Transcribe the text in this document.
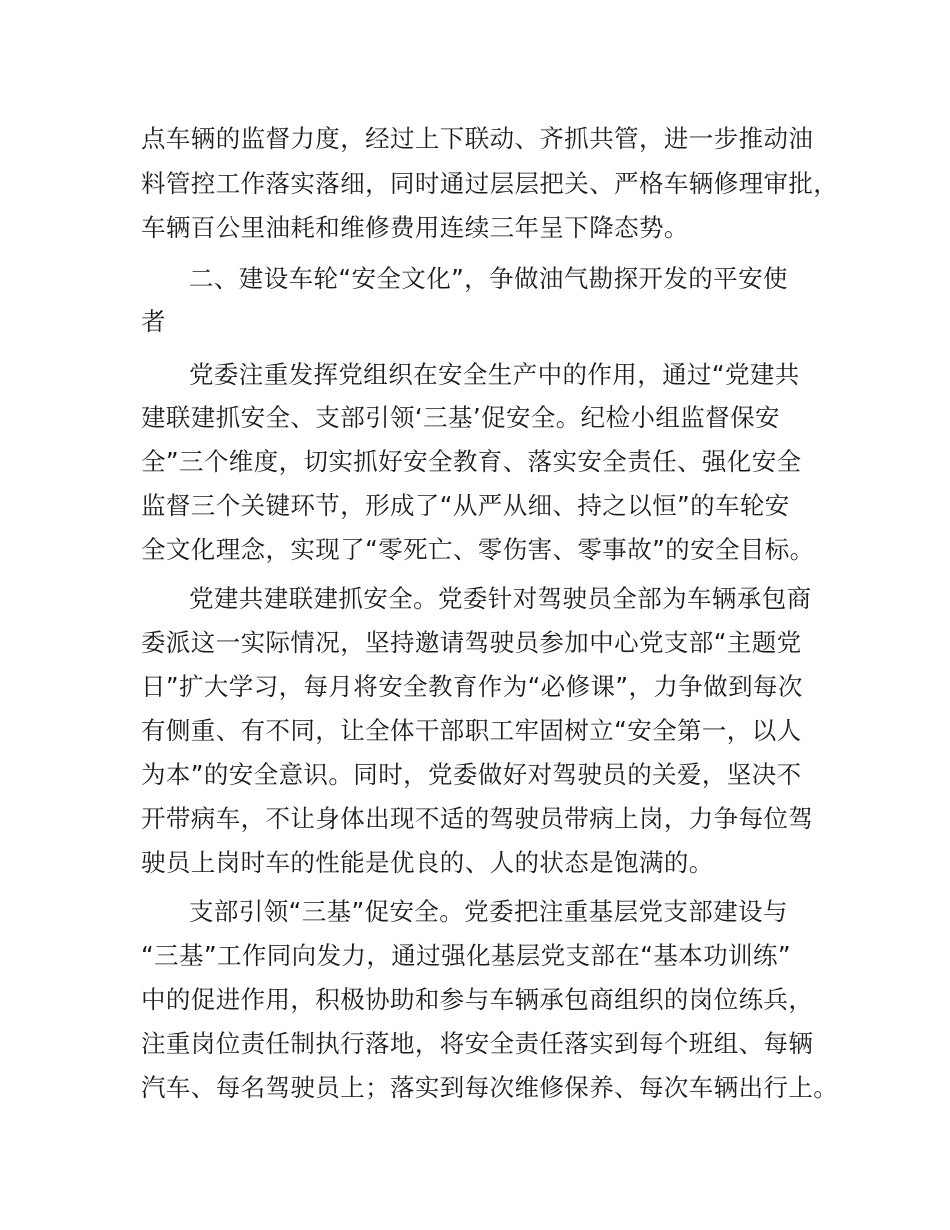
点车辆的监督力度，经过上下联动、齐抓共管，进一步推动油
料管控工作落实落细，同时通过层层把关、严格车辆修理审批，
车辆百公里油耗和维修费用连续三年呈下降态势。
二、建设车轮“安全文化”，争做油气勘探开发的平安使
者
党委注重发挥党组织在安全生产中的作用，通过“党建共
建联建抓安全、支部引领‘三基’促安全。纪检小组监督保安
全”三个维度，切实抓好安全教育、落实安全责任、强化安全
监督三个关键环节，形成了“从严从细、持之以恒”的车轮安
全文化理念，实现了“零死亡、零伤害、零事故”的安全目标。
党建共建联建抓安全。党委针对驾驶员全部为车辆承包商
委派这一实际情况，坚持邀请驾驶员参加中心党支部“主题党
日”扩大学习，每月将安全教育作为“必修课”，力争做到每次
有侧重、有不同，让全体干部职工牢固树立“安全第一，以人
为本”的安全意识。同时，党委做好对驾驶员的关爱，坚决不
开带病车，不让身体出现不适的驾驶员带病上岗，力争每位驾
驶员上岗时车的性能是优良的、人的状态是饱满的。
支部引领“三基”促安全。党委把注重基层党支部建设与
“三基”工作同向发力，通过强化基层党支部在“基本功训练”
中的促进作用，积极协助和参与车辆承包商组织的岗位练兵，
注重岗位责任制执行落地，将安全责任落实到每个班组、每辆
汽车、每名驾驶员上；落实到每次维修保养、每次车辆出行上。
